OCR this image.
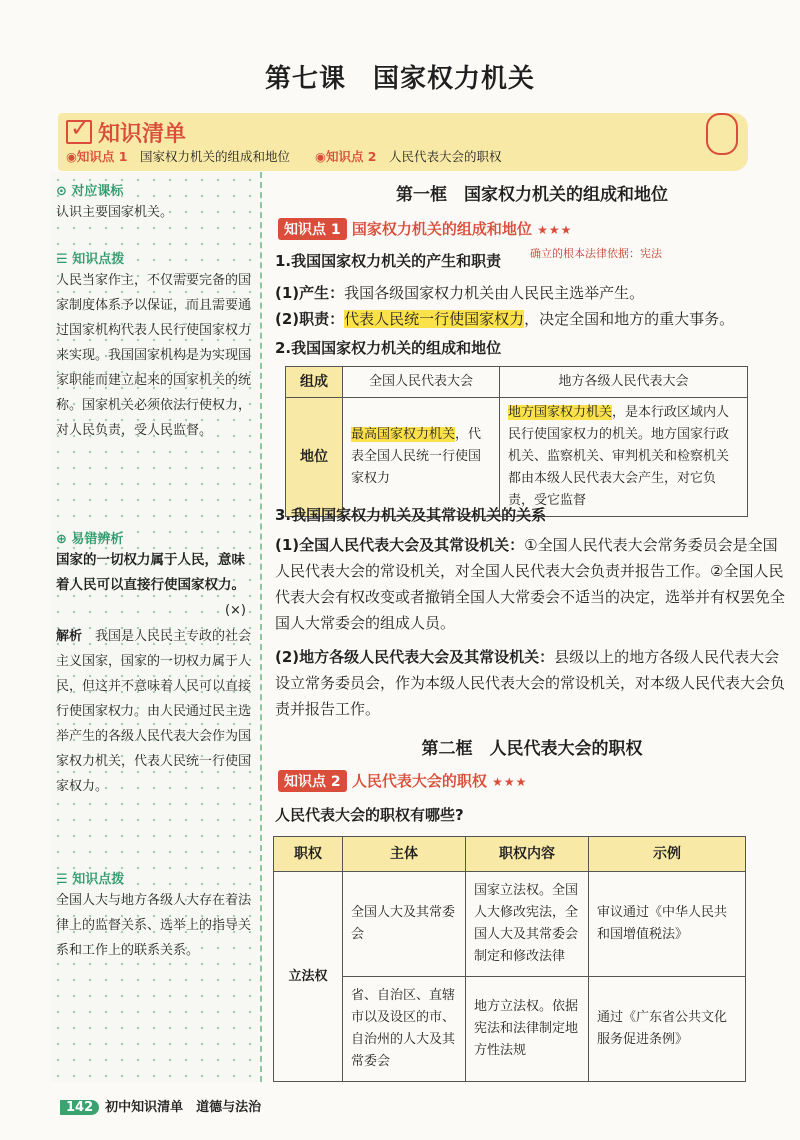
第七课　国家权力机关
✓知识清单
◉知识点 1　 国家权力机关的组成和地位　　 ◉知识点 2　 人民代表大会的职权
⊙ 对应课标
认识主要国家机关。
☰ 知识点拨
人民当家作主，不仅需要完备的国家制度体系予以保证，而且需要通过国家机构代表人民行使国家权力来实现。我国国家机构是为实现国家职能而建立起来的国家机关的统称。国家机关必须依法行使权力，对人民负责，受人民监督。
⊕ 易错辨析
国家的一切权力属于人民，意味着人民可以直接行使国家权力。
(×)
解析　 我国是人民民主专政的社会主义国家，国家的一切权力属于人民，但这并不意味着人民可以直接行使国家权力。由人民通过民主选举产生的各级人民代表大会作为国家权力机关，代表人民统一行使国家权力。
☰ 知识点拨
全国人大与地方各级人大存在着法律上的监督关系、选举上的指导关系和工作上的联系关系。
第一框　国家权力机关的组成和地位
知识点 1 国家权力机关的组成和地位 ★★★
确立的根本法律依据：宪法
1.我国国家权力机关的产生和职责
(1)产生：我国各级国家权力机关由人民民主选举产生。
(2)职责：代表人民统一行使国家权力，决定全国和地方的重大事务。
2.我国国家权力机关的组成和地位
组成	全国人民代表大会	地方各级人民代表大会
地位	最高国家权力机关，代表全国人民统一行使国家权力	地方国家权力机关，是本行政区域内人民行使国家权力的机关。地方国家行政机关、监察机关、审判机关和检察机关都由本级人民代表大会产生，对它负责，受它监督
3.我国国家权力机关及其常设机关的关系
(1)全国人民代表大会及其常设机关：①全国人民代表大会常务委员会是全国人民代表大会的常设机关，对全国人民代表大会负责并报告工作。②全国人民代表大会有权改变或者撤销全国人大常委会不适当的决定，选举并有权罢免全国人大常委会的组成人员。
(2)地方各级人民代表大会及其常设机关：县级以上的地方各级人民代表大会设立常务委员会，作为本级人民代表大会的常设机关，对本级人民代表大会负责并报告工作。
第二框　人民代表大会的职权
知识点 2 人民代表大会的职权 ★★★
人民代表大会的职权有哪些?
职权	主体	职权内容	示例
立法权	全国人大及其常委会	国家立法权。全国人大修改宪法，全国人大及其常委会制定和修改法律	审议通过《中华人民共和国增值税法》
	省、自治区、直辖市以及设区的市、自治州的人大及其常委会	地方立法权。依据宪法和法律制定地方性法规	通过《广东省公共文化服务促进条例》
142 初中知识清单　道德与法治
